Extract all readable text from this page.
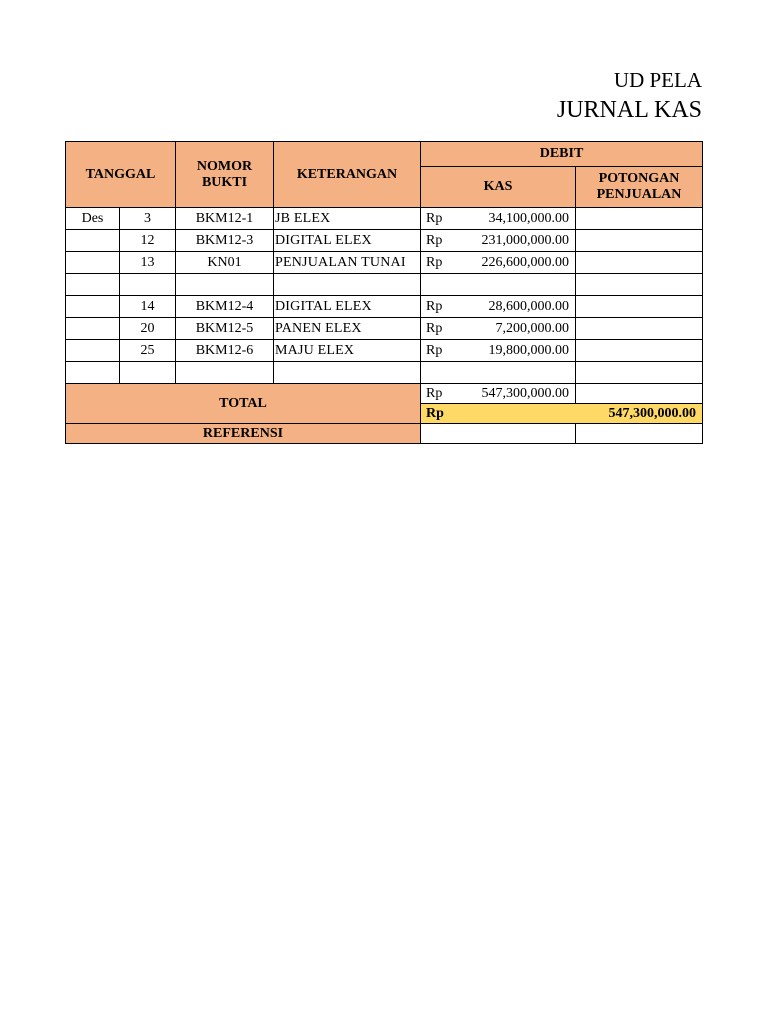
UD PELA
JURNAL KAS
TANGGAL		NOMOR BUKTI	KETERANGAN	DEBIT	
				KAS	POTONGAN PENJUALAN
Des	3	BKM12-1	JB ELEX	Rp 34,100,000.00	

	12	BKM12-3	DIGITAL ELEX	Rp 231,000,000.00	

	13	KN01	PENJUALAN TUNAI	Rp 226,600,000.00	

	14	BKM12-4	DIGITAL ELEX	Rp 28,600,000.00	

	20	BKM12-5	PANEN ELEX	Rp 7,200,000.00	

	25	BKM12-6	MAJU ELEX	Rp 19,800,000.00	

TOTAL				Rp 547,300,000.00	

				Rp 547,300,000.00	

REFERENSI					
